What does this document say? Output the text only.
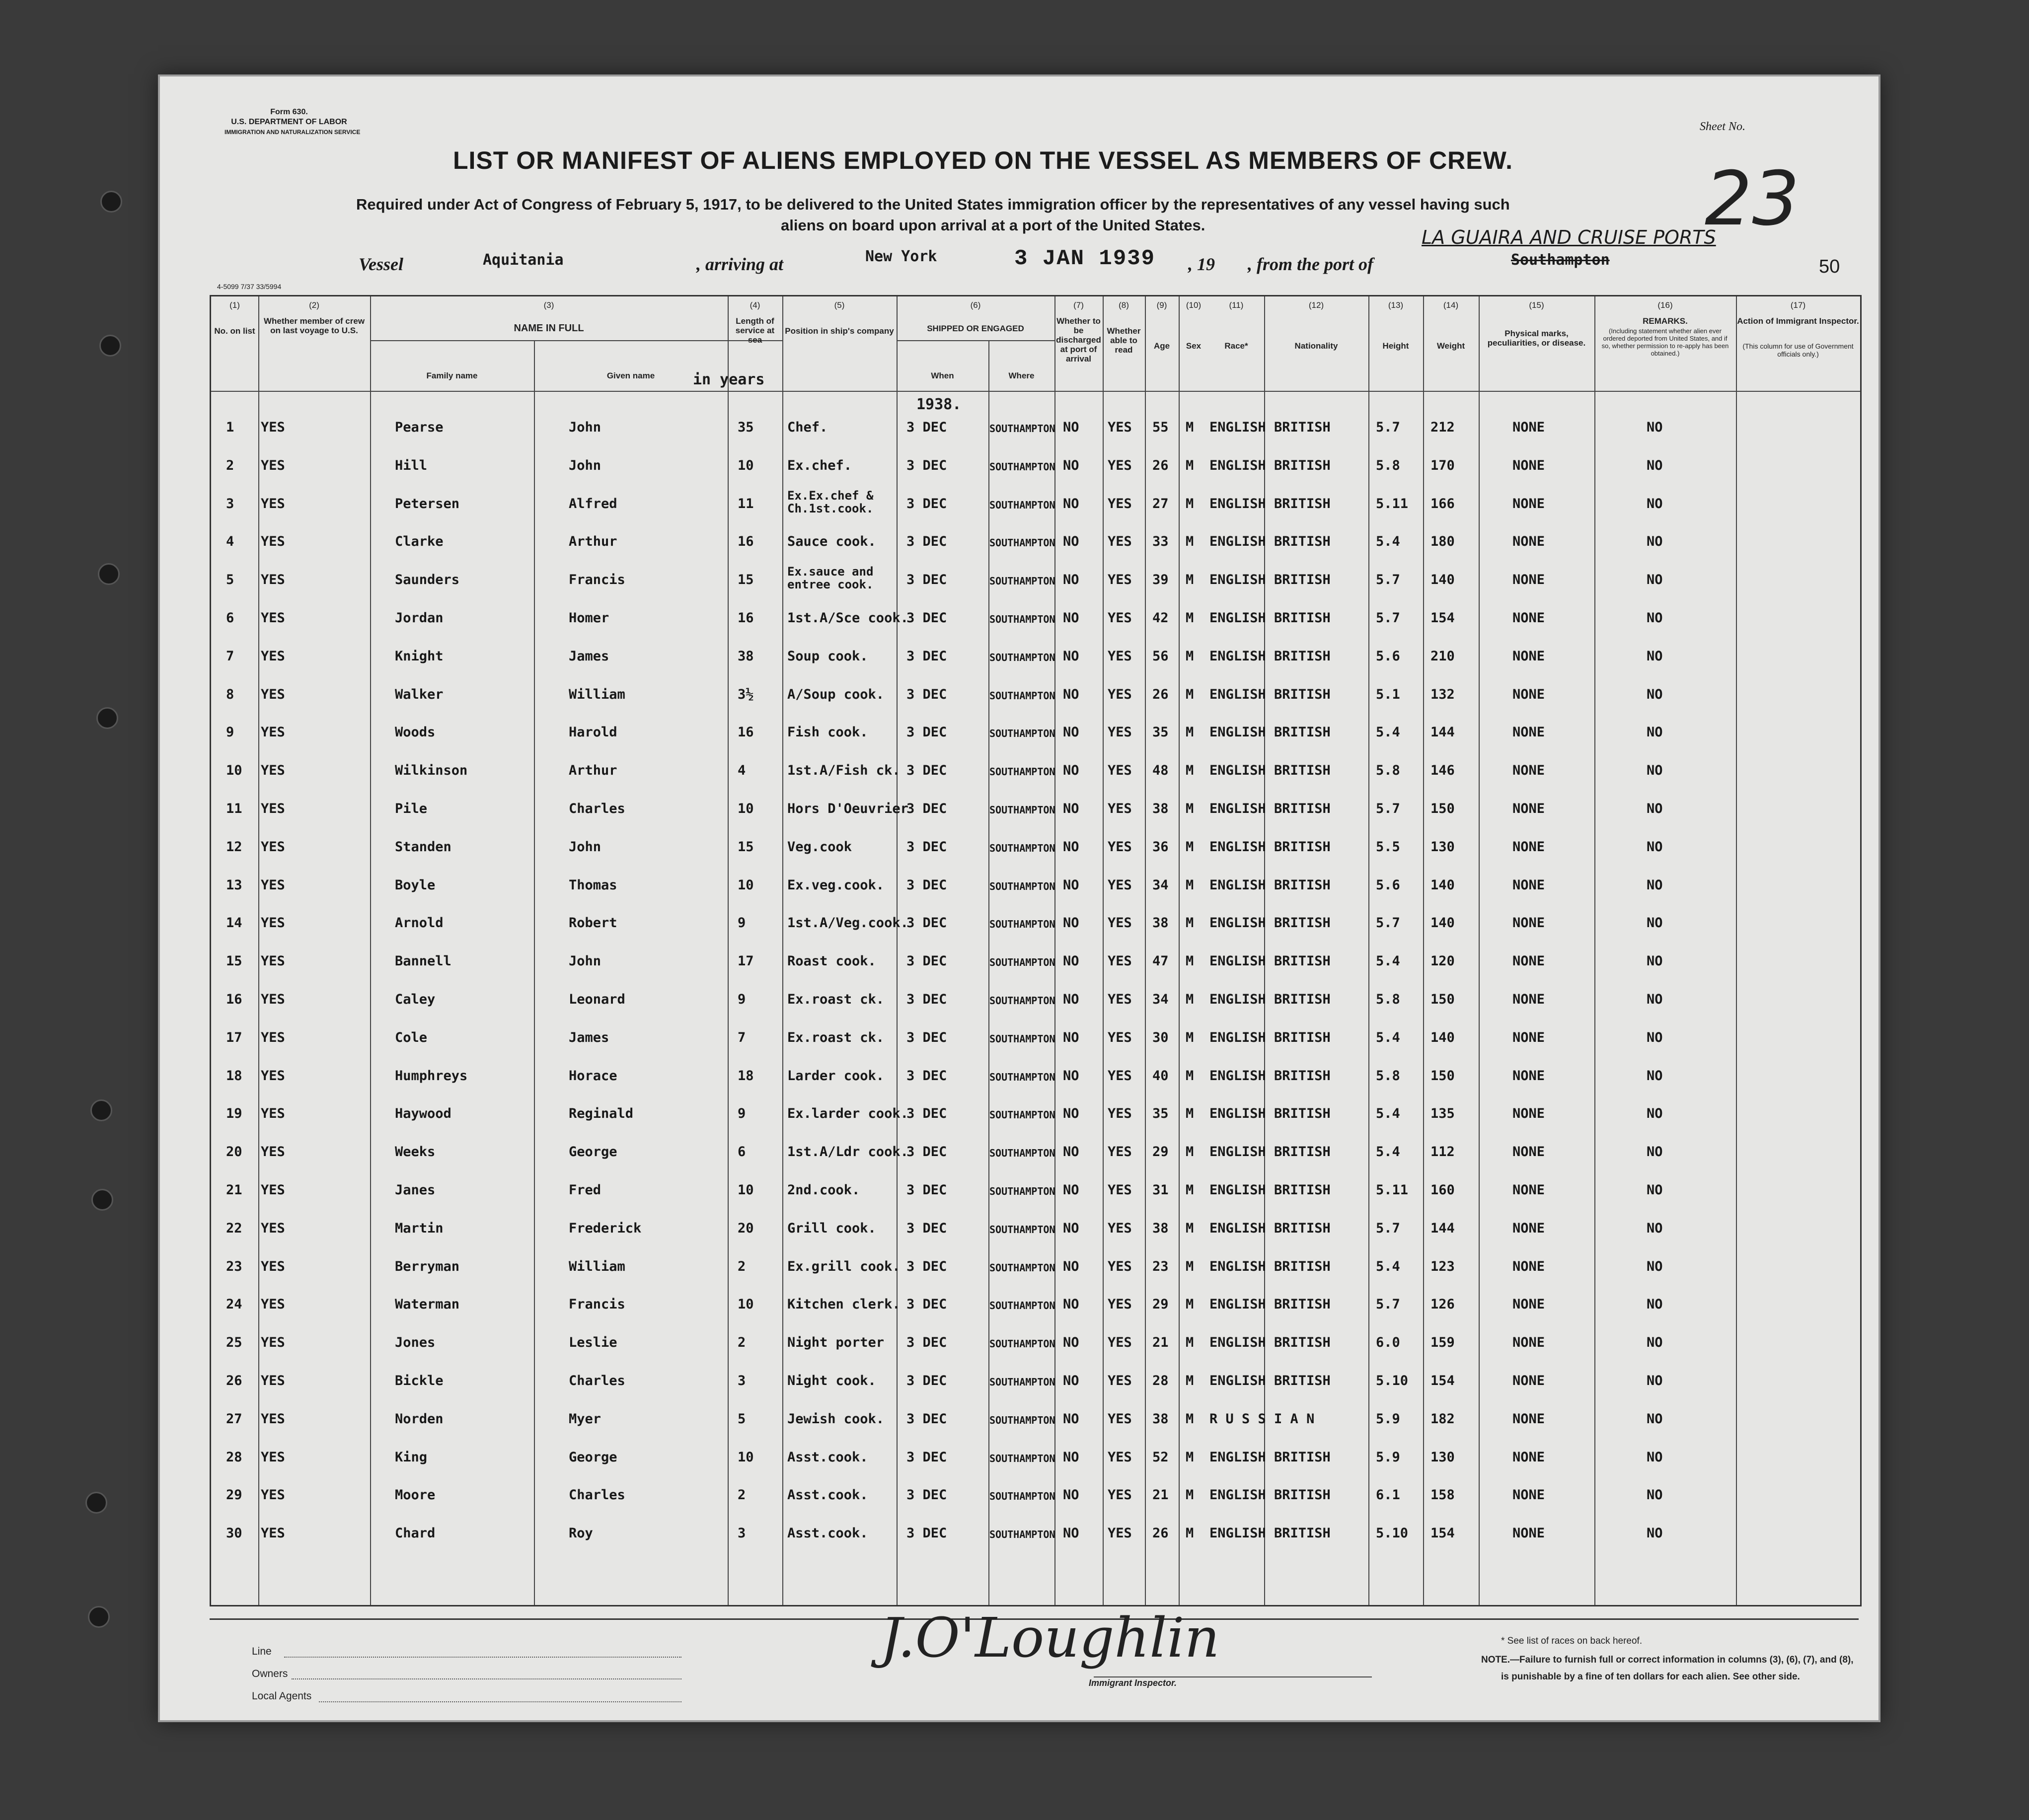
Form 630.
U.S. DEPARTMENT OF LABOR
IMMIGRATION AND NATURALIZATION SERVICE	Sheet No.
23
LIST OR MANIFEST OF ALIENS EMPLOYED ON THE VESSEL AS MEMBERS OF CREW.
Required under Act of Congress of February 5, 1917, to be delivered to the United States immigration officer by the representatives of any vessel having such
aliens on board upon arrival at a port of the United States.
Vessel	Aquitania	, arriving at	New York	3 JAN 1939 , 19 , from the port of	Southampton
LA GUAIRA AND CRUISE PORTS
50
4-5099 7/37 33/5994
(1)	(2)	(3)	(4)	(5)	(6)	(7)	(8)	(9)	(10)	(11)	(12)	(13)	(14)	(15)	(16)	(17)
No. on list
Whether member of crew on last voyage to U.S.	NAME IN FULL
Family name	Given name
Length of service at sea
in years
Position in ship's company	SHIPPED OR ENGAGED
When	Where
Whether to be discharged at port of arrival
Whether able to read	Age	Sex	Race*	Nationality	Height	Weight
Physical marks, peculiarities, or disease.
REMARKS.
(Including statement whether alien ever ordered deported from United States, and if so, whether permission to re-apply has been obtained.)
Action of Immigrant Inspector.
(This column for use of Government officials only.)
1938.
1 YES	Pearse	John	35 Chef.	3 DEC	SOUTHAMPTON NO YES 55 M ENGLISH BRITISH	5.7 212	NONE	NO
2 YES	Hill	John	10 Ex.chef.	3 DEC	SOUTHAMPTON NO YES 26 M ENGLISH BRITISH	5.8 170	NONE	NO
3 YES	Petersen	Alfred	11
Ex.Ex.chef & Ch.1st.cook.	3 DEC	SOUTHAMPTON NO YES 27 M ENGLISH BRITISH	5.11 166	NONE	NO
4 YES	Clarke	Arthur	16 Sauce cook. 3 DEC	SOUTHAMPTON NO YES 33 M ENGLISH BRITISH	5.4 180	NONE	NO
5 YES	Saunders	Francis	15
Ex.sauce and entree cook.	3 DEC	SOUTHAMPTON NO YES 39 M ENGLISH BRITISH	5.7 140	NONE	NO
6 YES	Jordan	Homer	16 1st.A/Sce cook.
3 DEC	SOUTHAMPTON NO YES 42 M ENGLISH BRITISH	5.7 154	NONE	NO
7 YES	Knight	James	38 Soup cook.	3 DEC	SOUTHAMPTON NO YES 56 M ENGLISH BRITISH	5.6 210	NONE	NO
8 YES	Walker	William	3½ A/Soup cook. 3 DEC	SOUTHAMPTON NO YES 26 M ENGLISH BRITISH	5.1 132	NONE	NO
9 YES	Woods	Harold	16 Fish cook.	3 DEC	SOUTHAMPTON NO YES 35 M ENGLISH BRITISH	5.4 144	NONE	NO
10 YES	Wilkinson	Arthur	4	1st.A/Fish ck. 3 DEC	SOUTHAMPTON NO YES 48 M ENGLISH BRITISH	5.8 146	NONE	NO
11 YES	Pile	Charles	10 Hors D'Oeuvrier
3 DEC	SOUTHAMPTON NO YES 38 M ENGLISH BRITISH	5.7 150	NONE	NO
12 YES	Standen	John	15 Veg.cook	3 DEC	SOUTHAMPTON NO YES 36 M ENGLISH BRITISH	5.5 130	NONE	NO
13 YES	Boyle	Thomas	10 Ex.veg.cook. 3 DEC	SOUTHAMPTON NO YES 34 M ENGLISH BRITISH	5.6 140	NONE	NO
14 YES	Arnold	Robert	9	1st.A/Veg.cook.
3 DEC	SOUTHAMPTON NO YES 38 M ENGLISH BRITISH	5.7 140	NONE	NO
15 YES	Bannell	John	17 Roast cook. 3 DEC	SOUTHAMPTON NO YES 47 M ENGLISH BRITISH	5.4 120	NONE	NO
16 YES	Caley	Leonard	9	Ex.roast ck. 3 DEC	SOUTHAMPTON NO YES 34 M ENGLISH BRITISH	5.8 150	NONE	NO
17 YES	Cole	James	7	Ex.roast ck. 3 DEC	SOUTHAMPTON NO YES 30 M ENGLISH BRITISH	5.4 140	NONE	NO
18 YES	Humphreys	Horace	18 Larder cook. 3 DEC	SOUTHAMPTON NO YES 40 M ENGLISH BRITISH	5.8 150	NONE	NO
19 YES	Haywood	Reginald	9	Ex.larder cook.
3 DEC	SOUTHAMPTON NO YES 35 M ENGLISH BRITISH	5.4 135	NONE	NO
20 YES	Weeks	George	6	1st.A/Ldr cook.
3 DEC	SOUTHAMPTON NO YES 29 M ENGLISH BRITISH	5.4 112	NONE	NO
21 YES	Janes	Fred	10 2nd.cook.	3 DEC	SOUTHAMPTON NO YES 31 M ENGLISH BRITISH	5.11 160	NONE	NO
22 YES	Martin	Frederick	20 Grill cook. 3 DEC	SOUTHAMPTON NO YES 38 M ENGLISH BRITISH	5.7 144	NONE	NO
23 YES	Berryman	William	2	Ex.grill cook. 3 DEC	SOUTHAMPTON NO YES 23 M ENGLISH BRITISH	5.4 123	NONE	NO
24 YES	Waterman	Francis	10 Kitchen clerk. 3 DEC	SOUTHAMPTON NO YES 29 M ENGLISH BRITISH	5.7 126	NONE	NO
25 YES	Jones	Leslie	2	Night porter 3 DEC	SOUTHAMPTON NO YES 21 M ENGLISH BRITISH	6.0 159	NONE	NO
26 YES	Bickle	Charles	3	Night cook. 3 DEC	SOUTHAMPTON NO YES 28 M ENGLISH BRITISH	5.10 154	NONE	NO
27 YES	Norden	Myer	5	Jewish cook. 3 DEC	SOUTHAMPTON NO YES 38 M R U S S I A N	5.9 182	NONE	NO
28 YES	King	George	10 Asst.cook.	3 DEC	SOUTHAMPTON NO YES 52 M ENGLISH BRITISH	5.9 130	NONE	NO
29 YES	Moore	Charles	2	Asst.cook.	3 DEC	SOUTHAMPTON NO YES 21 M ENGLISH BRITISH	6.1 158	NONE	NO
30 YES	Chard	Roy	3	Asst.cook.	3 DEC	SOUTHAMPTON NO YES 26 M ENGLISH BRITISH	5.10 154	NONE	NO
Line
Owners
Local Agents
J.O'Loughlin
Immigrant Inspector.
* See list of races on back hereof.
NOTE.—Failure to furnish full or correct information in columns (3), (6), (7), and (8),
is punishable by a fine of ten dollars for each alien. See other side.
